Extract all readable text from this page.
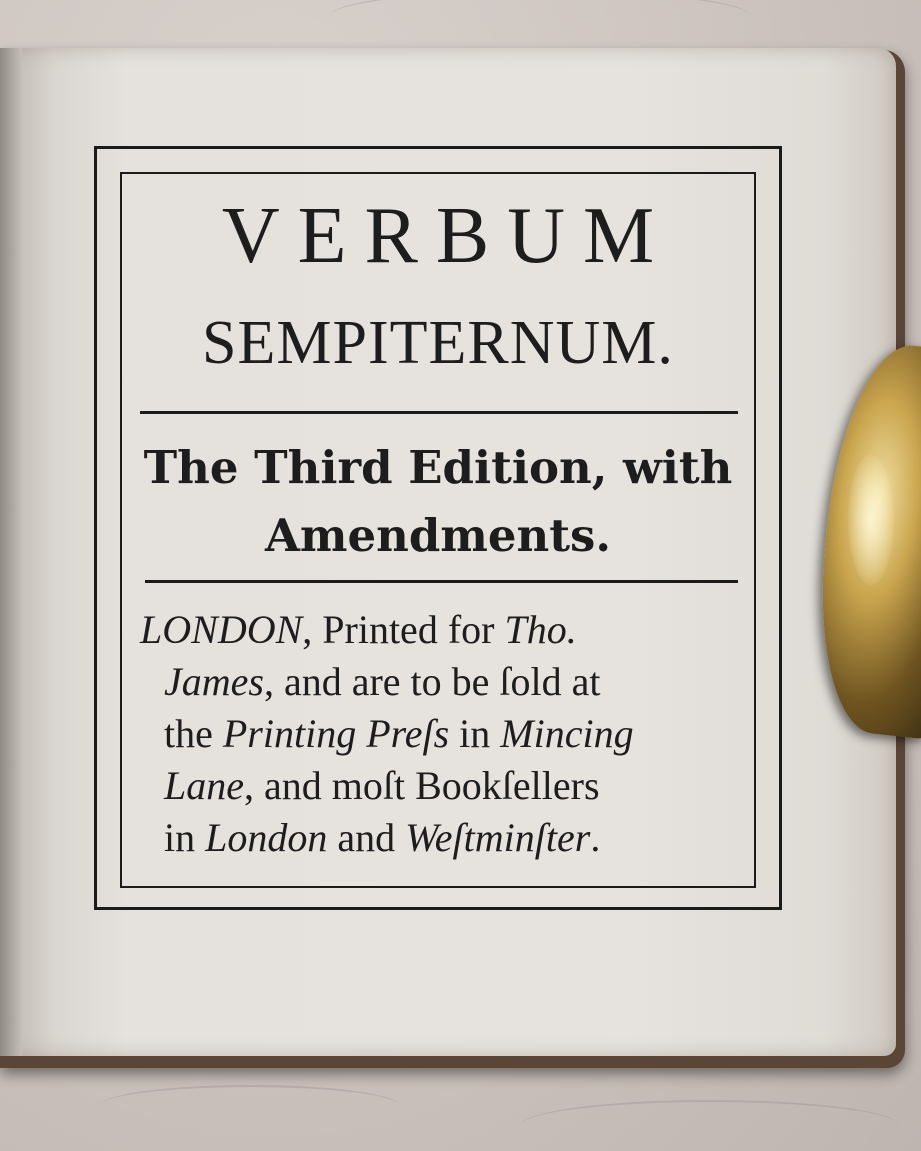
VERBUM
SEMPITERNUM.
The Third Edition, with
Amendments.
LONDON, Printed for Tho.
James, and are to be ſold at
the Printing Preſs in Mincing
Lane, and moſt Bookſellers
in London and Weſtminſter.
